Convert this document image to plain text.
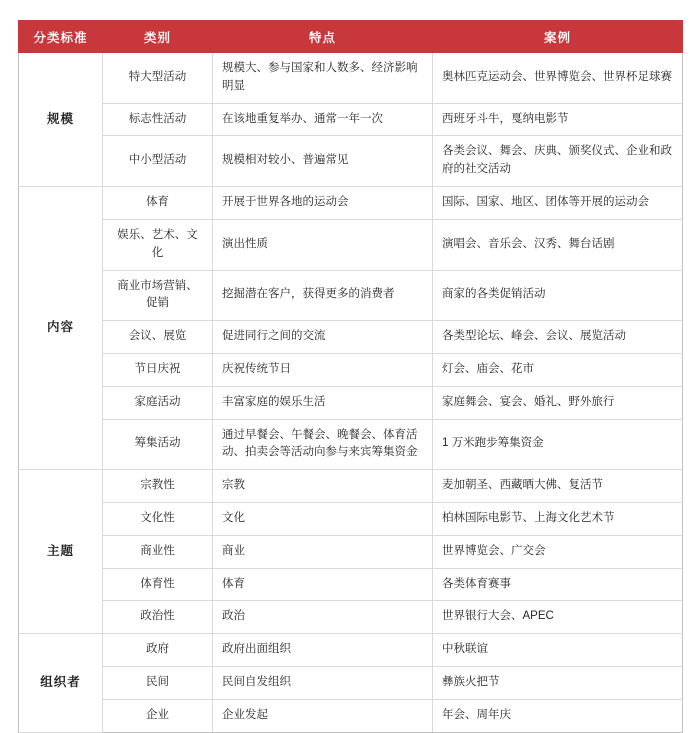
分类标准	类别	特点	案例
规模	特大型活动	规模大、参与国家和人数多、经济影响明显	奥林匹克运动会、世界博览会、世界杯足球赛
	标志性活动	在该地重复举办、通常一年一次	西班牙斗牛，戛纳电影节
	中小型活动	规模相对较小、普遍常见	各类会议、舞会、庆典、颁奖仪式、企业和政府的社交活动
内容	体育	开展于世界各地的运动会	国际、国家、地区、团体等开展的运动会
	娱乐、艺术、文化	演出性质	演唱会、音乐会、汉秀、舞台话剧
	商业市场营销、促销	挖掘潜在客户，获得更多的消费者	商家的各类促销活动
	会议、展览	促进同行之间的交流	各类型论坛、峰会、会议、展览活动
	节日庆祝	庆祝传统节日	灯会、庙会、花市
	家庭活动	丰富家庭的娱乐生活	家庭舞会、宴会、婚礼、野外旅行
	筹集活动	通过早餐会、午餐会、晚餐会、体育活动、拍卖会等活动向参与来宾筹集资金	1 万米跑步筹集资金
主题	宗教性	宗教	麦加朝圣、西藏晒大佛、复活节
	文化性	文化	柏林国际电影节、上海文化艺术节
	商业性	商业	世界博览会、广交会
	体育性	体育	各类体育赛事
	政治性	政治	世界银行大会、APEC
组织者	政府	政府出面组织	中秋联谊
	民间	民间自发组织	彝族火把节
	企业	企业发起	年会、周年庆
